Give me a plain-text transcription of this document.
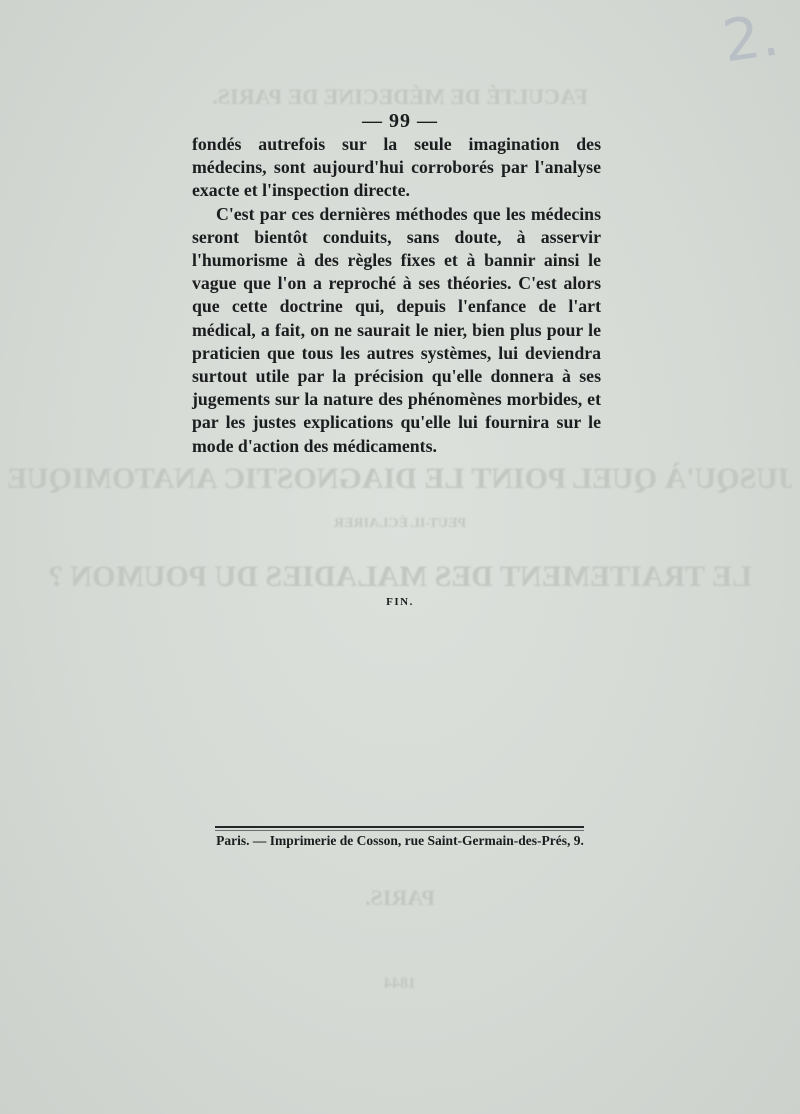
FACULTÉ DE MÉDECINE DE PARIS.
JUSQU'À QUEL POINT LE DIAGNOSTIC ANATOMIQUE
PEUT-IL ÉCLAIRER
LE TRAITEMENT DES MALADIES DU POUMON ?
PARIS.
1844
2.
— 99 —

fondés autrefois sur la seule imagination des médecins, sont aujourd'hui corroborés par l'analyse exacte et l'inspection directe.

C'est par ces dernières méthodes que les médecins seront bientôt conduits, sans doute, à asservir l'humorisme à des règles fixes et à bannir ainsi le vague que l'on a reproché à ses théories. C'est alors que cette doctrine qui, depuis l'enfance de l'art médical, a fait, on ne saurait le nier, bien plus pour le praticien que tous les autres systèmes, lui deviendra surtout utile par la précision qu'elle donnera à ses jugements sur la nature des phénomènes morbides, et par les justes explications qu'elle lui fournira sur le mode d'action des médicaments.

FIN.
Paris. — Imprimerie de Cosson, rue Saint-Germain-des-Prés, 9.
